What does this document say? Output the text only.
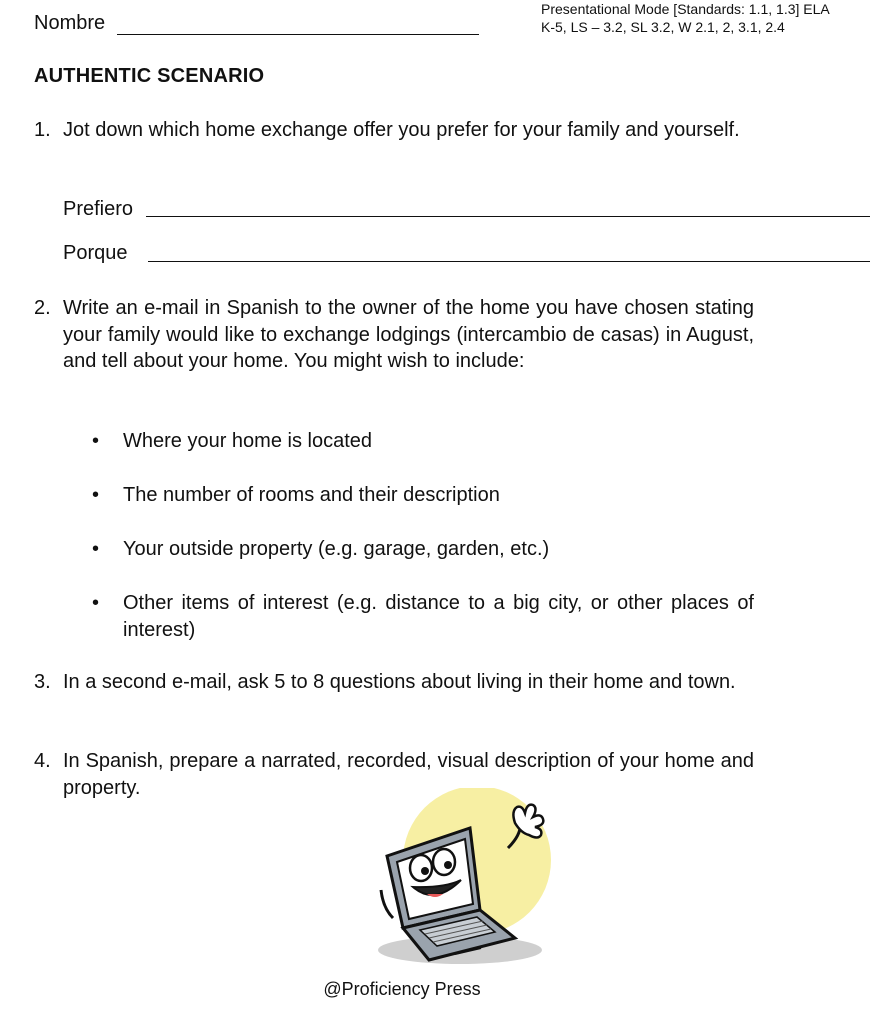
Nombre
Presentational Mode [Standards: 1.1, 1.3] ELA K-5, LS – 3.2, SL 3.2, W 2.1, 2, 3.1, 2.4
AUTHENTIC SCENARIO
1. Jot down which home exchange offer you prefer for your family and yourself.
Prefiero
Porque
2. Write an e-mail in Spanish to the owner of the home you have chosen stating your family would like to exchange lodgings (intercambio de casas) in August, and tell about your home. You might wish to include:
• Where your home is located
• The number of rooms and their description
• Your outside property (e.g. garage, garden, etc.)
• Other items of interest (e.g. distance to a big city, or other places of interest)
3. In a second e-mail, ask 5 to 8 questions about living in their home and town.
4. In Spanish, prepare a narrated, recorded, visual description of your home and property.
@Proficiency Press
